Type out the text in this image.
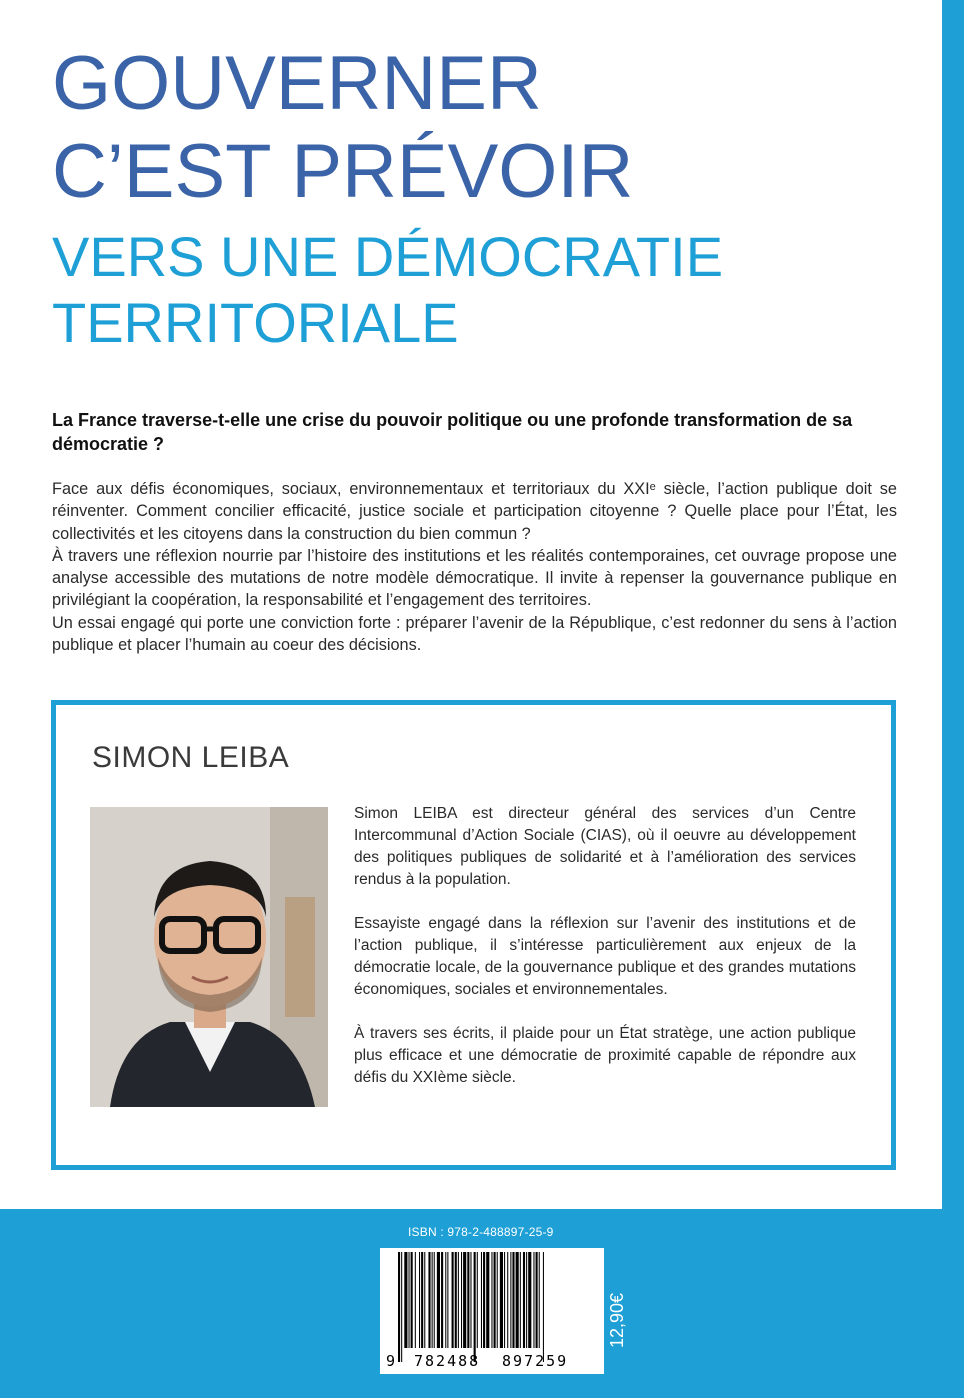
GOUVERNER
C’EST PRÉVOIR
VERS UNE DÉMOCRATIE
TERRITORIALE

La France traverse-t-elle une crise du pouvoir politique ou une profonde transformation de sa démocratie ?

Face aux défis économiques, sociaux, environnementaux et territoriaux du XXIᵉ siècle, l’action publique doit se réinventer. Comment concilier efficacité, justice sociale et participation citoyenne ? Quelle place pour l’État, les collectivités et les citoyens dans la construction du bien commun ?

À travers une réflexion nourrie par l’histoire des institutions et les réalités contemporaines, cet ouvrage propose une analyse accessible des mutations de notre modèle démocratique. Il invite à repenser la gouvernance publique en privilégiant la coopération, la responsabilité et l’engagement des territoires.

Un essai engagé qui porte une conviction forte : préparer l’avenir de la République, c’est redonner du sens à l’action publique et placer l’humain au coeur des décisions.

SIMON LEIBA

Simon LEIBA est directeur général des services d’un Centre Intercommunal d’Action Sociale (CIAS), où il oeuvre au développement des politiques publiques de solidarité et à l’amélioration des services rendus à la population.

Essayiste engagé dans la réflexion sur l’avenir des institutions et de l’action publique, il s’intéresse particulièrement aux enjeux de la démocratie locale, de la gouvernance publique et des grandes mutations économiques, sociales et environnementales.

À travers ses écrits, il plaide pour un État stratège, une action publique plus efficace et une démocratie de proximité capable de répondre aux défis du XXIème siècle.

ISBN : 978-2-488897-25-9

9 782488 897259
12,90€
